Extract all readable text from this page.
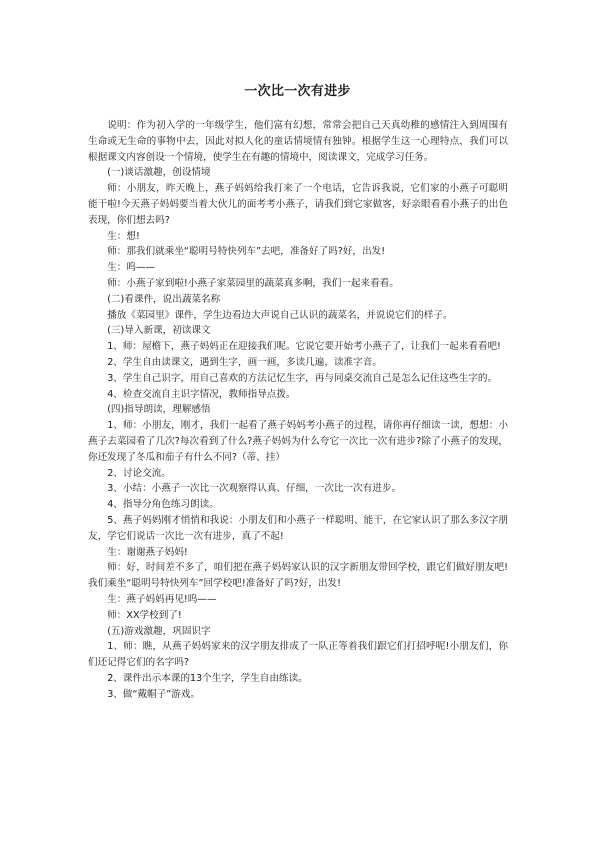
一次比一次有进步

说明：作为初入学的一年级学生，他们富有幻想，常常会把自己天真幼稚的感情注入到周围有生命或无生命的事物中去，因此对拟人化的童话情境情有独钟。根据学生这一心理特点，我们可以根据课文内容创设一个情境，使学生在有趣的情境中，阅读课文，完成学习任务。

(一)谈话激趣，创设情境

师：小朋友，昨天晚上，燕子妈妈给我打来了一个电话，它告诉我说，它们家的小燕子可聪明能干啦!今天燕子妈妈要当着大伙儿的面考考小燕子，请我们到它家做客，好亲眼看看小燕子的出色表现，你们想去吗?

生：想!

师：那我们就乘坐“聪明号特快列车”去吧，准备好了吗?好，出发!

生：呜——

师：小燕子家到啦!小燕子家菜园里的蔬菜真多啊，我们一起来看看。

(二)看课件，说出蔬菜名称

播放《菜园里》课件，学生边看边大声说自己认识的蔬菜名，并说说它们的样子。

(三)导入新课，初读课文

1、师：屋檐下，燕子妈妈正在迎接我们呢。它说它要开始考小燕子了，让我们一起来看看吧!

2、学生自由读课文，遇到生字，画一画，多读几遍，读准字音。

3、学生自己识字，用自己喜欢的方法记忆生字，再与同桌交流自己是怎么记住这些生字的。

4、检查交流自主识字情况，教师指导点拨。

(四)指导朗读，理解感悟

1、师：小朋友，刚才，我们一起看了燕子妈妈考小燕子的过程，请你再仔细读一读，想想：小燕子去菜园看了几次?每次看到了什么?燕子妈妈为什么夸它一次比一次有进步?除了小燕子的发现，你还发现了冬瓜和茄子有什么不同?（蒂、挂）

2、讨论交流。

3、小结：小燕子一次比一次观察得认真、仔细，一次比一次有进步。

4、指导分角色练习朗读。

5、燕子妈妈刚才悄悄和我说：小朋友们和小燕子一样聪明、能干，在它家认识了那么多汉字朋友，学它们说话一次比一次有进步，真了不起!

生：谢谢燕子妈妈!

师：好，时间差不多了，咱们把在燕子妈妈家认识的汉字新朋友带回学校，跟它们做好朋友吧!我们乘坐“聪明号特快列车”回学校吧!准备好了吗?好，出发!

生：燕子妈妈再见!呜——

师：XX学校到了!

(五)游戏激趣，巩固识字

1、师：瞧，从燕子妈妈家来的汉字朋友排成了一队正等着我们跟它们打招呼呢!小朋友们，你们还记得它们的名字吗?

2、课件出示本课的13个生字，学生自由练读。

3、做“戴帽子”游戏。
